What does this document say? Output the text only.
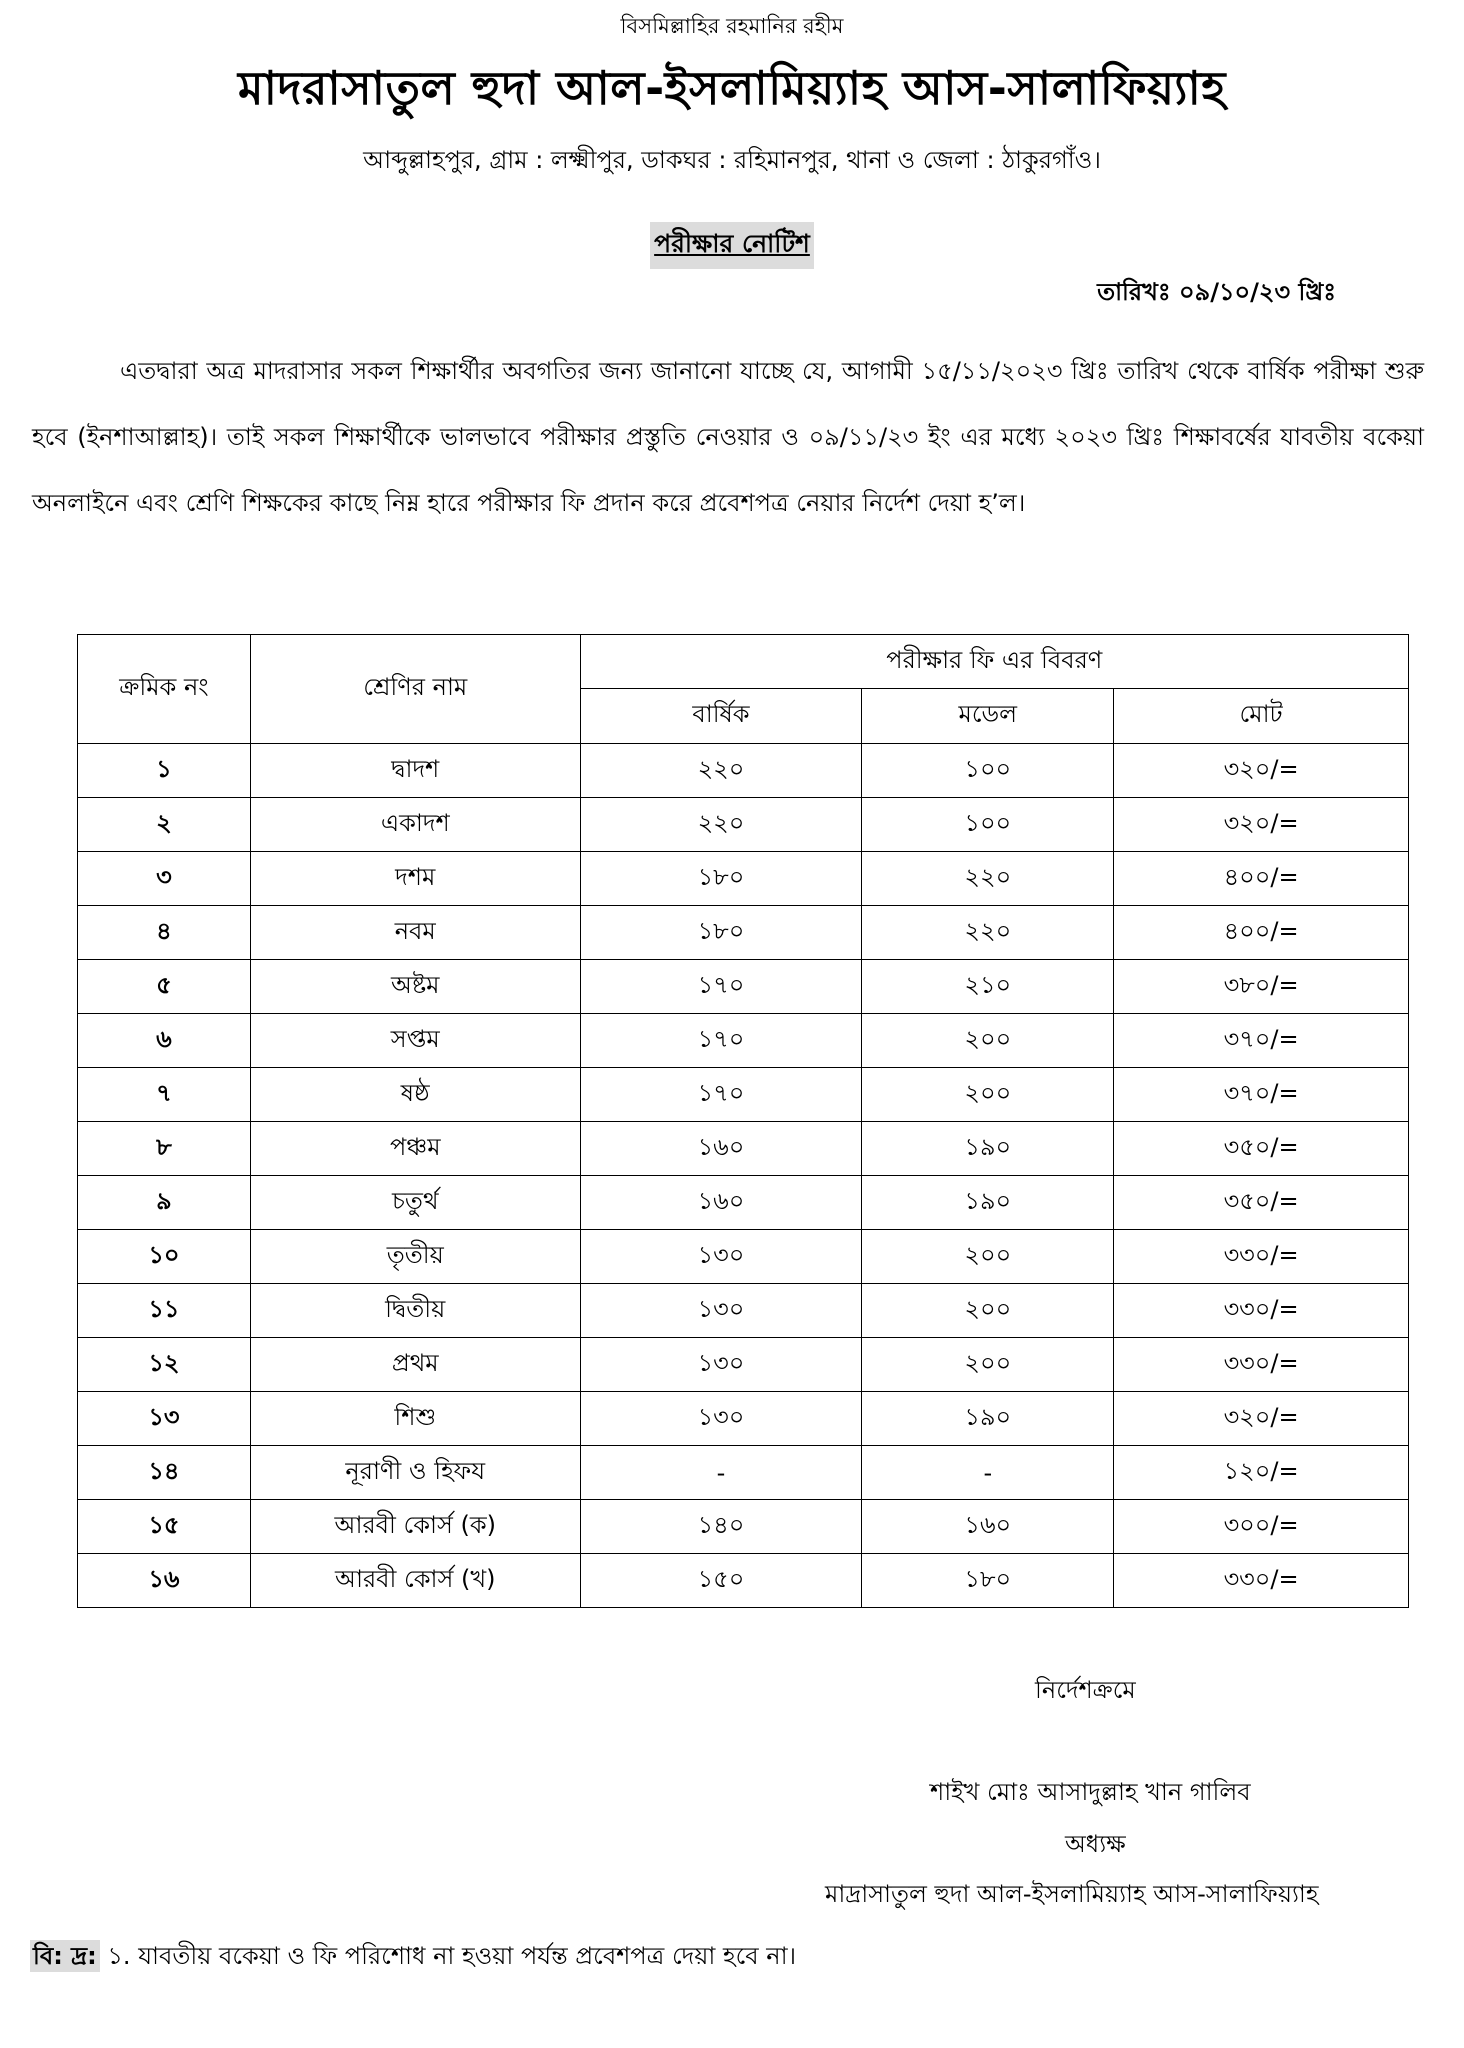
বিসমিল্লাহির রহমানির রহীম
মাদরাসাতুল হুদা আল-ইসলামিয়্যাহ আস-সালাফিয়্যাহ
আব্দুল্লাহপুর, গ্রাম : লক্ষ্মীপুর, ডাকঘর : রহিমানপুর, থানা ও জেলা : ঠাকুরগাঁও।
পরীক্ষার নোটিশ
তারিখঃ ০৯/১০/২৩ খ্রিঃ
এতদ্বারা অত্র মাদরাসার সকল শিক্ষার্থীর অবগতির জন্য জানানো যাচ্ছে যে, আগামী ১৫/১১/২০২৩ খ্রিঃ তারিখ থেকে বার্ষিক পরীক্ষা শুরু হবে (ইনশাআল্লাহ)। তাই সকল শিক্ষার্থীকে ভালভাবে পরীক্ষার প্রস্তুতি নেওয়ার ও ০৯/১১/২৩ ইং এর মধ্যে ২০২৩ খ্রিঃ শিক্ষাবর্ষের যাবতীয় বকেয়া অনলাইনে এবং শ্রেণি শিক্ষকের কাছে নিম্ন হারে পরীক্ষার ফি প্রদান করে প্রবেশপত্র নেয়ার নির্দেশ দেয়া হ’ল।
ক্রমিক নং	শ্রেণির নাম	পরীক্ষার ফি এর বিবরণ		
		বার্ষিক	মডেল	মোট
১	দ্বাদশ	২২০	১০০	৩২০/=
২	একাদশ	২২০	১০০	৩২০/=
৩	দশম	১৮০	২২০	৪০০/=
৪	নবম	১৮০	২২০	৪০০/=
৫	অষ্টম	১৭০	২১০	৩৮০/=
৬	সপ্তম	১৭০	২০০	৩৭০/=
৭	ষষ্ঠ	১৭০	২০০	৩৭০/=
৮	পঞ্চম	১৬০	১৯০	৩৫০/=
৯	চতুর্থ	১৬০	১৯০	৩৫০/=
১০	তৃতীয়	১৩০	২০০	৩৩০/=
১১	দ্বিতীয়	১৩০	২০০	৩৩০/=
১২	প্রথম	১৩০	২০০	৩৩০/=
১৩	শিশু	১৩০	১৯০	৩২০/=
১৪	নূরাণী ও হিফয	-	-	১২০/=
১৫	আরবী কোর্স (ক)	১৪০	১৬০	৩০০/=
১৬	আরবী কোর্স (খ)	১৫০	১৮০	৩৩০/=
নির্দেশক্রমে
শাইখ মোঃ আসাদুল্লাহ খান গালিব
অধ্যক্ষ
মাদ্রাসাতুল হুদা আল-ইসলামিয়্যাহ আস-সালাফিয়্যাহ
বি: দ্র: ১. যাবতীয় বকেয়া ও ফি পরিশোধ না হওয়া পর্যন্ত প্রবেশপত্র দেয়া হবে না।
